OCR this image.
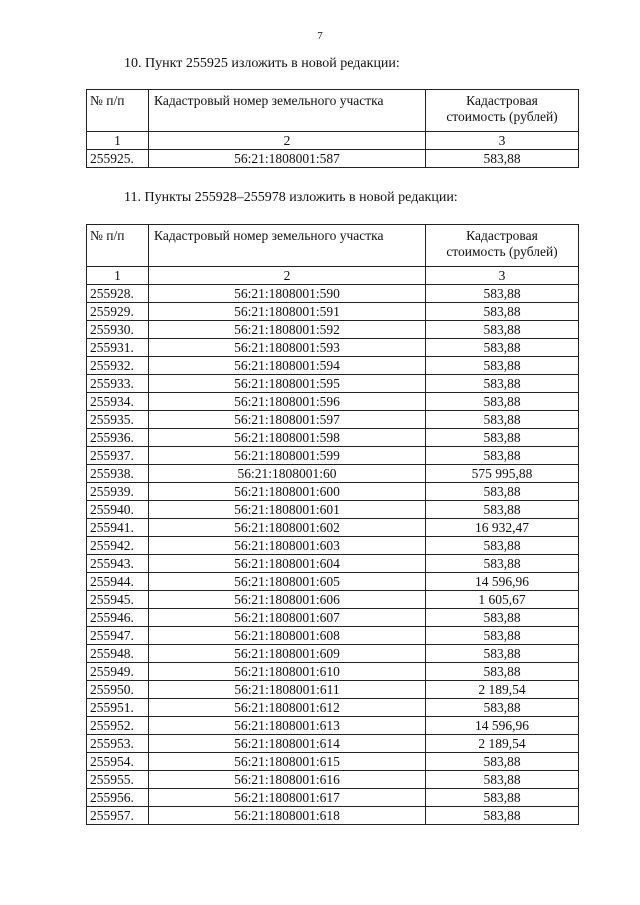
7
10. Пункт 255925 изложить в новой редакции:
№ п/п	Кадастровый номер земельного участка	Кадастровая
стоимость (рублей)
1	2	3
255925.	56:21:1808001:587	583,88
11. Пункты 255928–255978 изложить в новой редакции:
№ п/п	Кадастровый номер земельного участка	Кадастровая
стоимость (рублей)
1	2	3
255928.	56:21:1808001:590	583,88
255929.	56:21:1808001:591	583,88
255930.	56:21:1808001:592	583,88
255931.	56:21:1808001:593	583,88
255932.	56:21:1808001:594	583,88
255933.	56:21:1808001:595	583,88
255934.	56:21:1808001:596	583,88
255935.	56:21:1808001:597	583,88
255936.	56:21:1808001:598	583,88
255937.	56:21:1808001:599	583,88
255938.	56:21:1808001:60	575 995,88
255939.	56:21:1808001:600	583,88
255940.	56:21:1808001:601	583,88
255941.	56:21:1808001:602	16 932,47
255942.	56:21:1808001:603	583,88
255943.	56:21:1808001:604	583,88
255944.	56:21:1808001:605	14 596,96
255945.	56:21:1808001:606	1 605,67
255946.	56:21:1808001:607	583,88
255947.	56:21:1808001:608	583,88
255948.	56:21:1808001:609	583,88
255949.	56:21:1808001:610	583,88
255950.	56:21:1808001:611	2 189,54
255951.	56:21:1808001:612	583,88
255952.	56:21:1808001:613	14 596,96
255953.	56:21:1808001:614	2 189,54
255954.	56:21:1808001:615	583,88
255955.	56:21:1808001:616	583,88
255956.	56:21:1808001:617	583,88
255957.	56:21:1808001:618	583,88
